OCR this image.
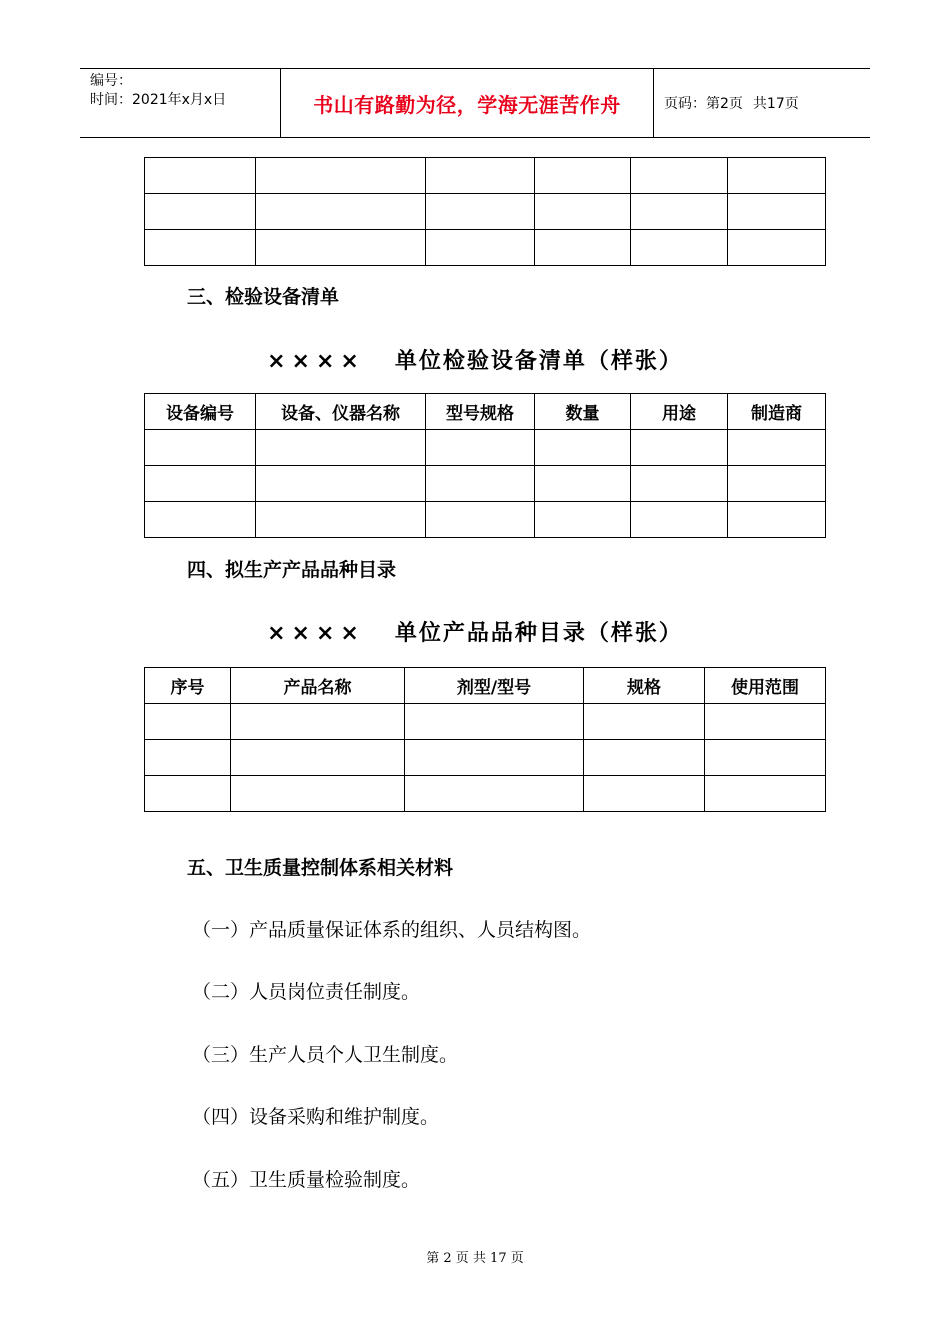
编号：
时间：2021年x月x日	书山有路勤为径，学海无涯苦作舟	页码：第2页 共17页

三、检验设备清单
×××× 单位检验设备清单（样张）
设备编号	设备、仪器名称	型号规格	数量	用途	制造商

四、拟生产产品品种目录
×××× 单位产品品种目录（样张）
序号	产品名称	剂型/型号	规格	使用范围

五、卫生质量控制体系相关材料
（一）产品质量保证体系的组织、人员结构图。
（二）人员岗位责任制度。
（三）生产人员个人卫生制度。
（四）设备采购和维护制度。
（五）卫生质量检验制度。
第 2 页 共 17 页
